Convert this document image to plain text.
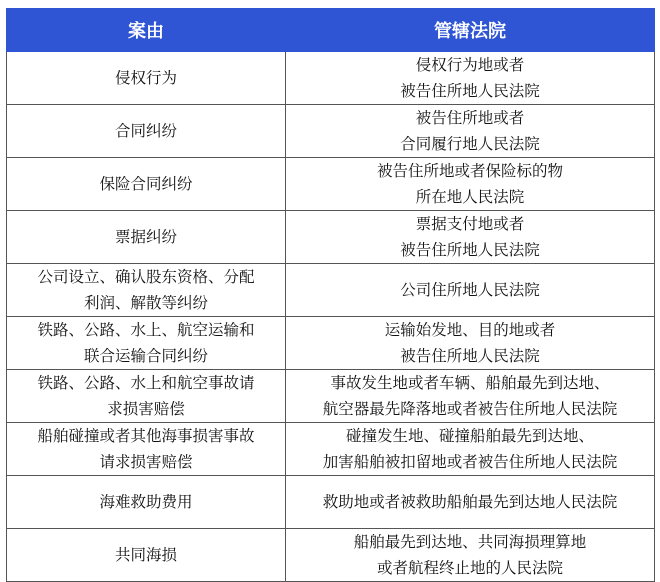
案由	管辖法院

侵权行为	侵权行为地或者
被告住所地人民法院

合同纠纷	被告住所地或者
合同履行地人民法院

保险合同纠纷	被告住所地或者保险标的物
所在地人民法院

票据纠纷	票据支付地或者
被告住所地人民法院

公司设立、确认股东资格、分配
利润、解散等纠纷	公司住所地人民法院

铁路、公路、水上、航空运输和
联合运输合同纠纷	运输始发地、目的地或者
被告住所地人民法院

铁路、公路、水上和航空事故请
求损害赔偿	事故发生地或者车辆、船舶最先到达地、
航空器最先降落地或者被告住所地人民法院

船舶碰撞或者其他海事损害事故
请求损害赔偿	碰撞发生地、碰撞船舶最先到达地、
加害船舶被扣留地或者被告住所地人民法院

海难救助费用	救助地或者被救助船舶最先到达地人民法院

共同海损	船舶最先到达地、共同海损理算地
或者航程终止地的人民法院
